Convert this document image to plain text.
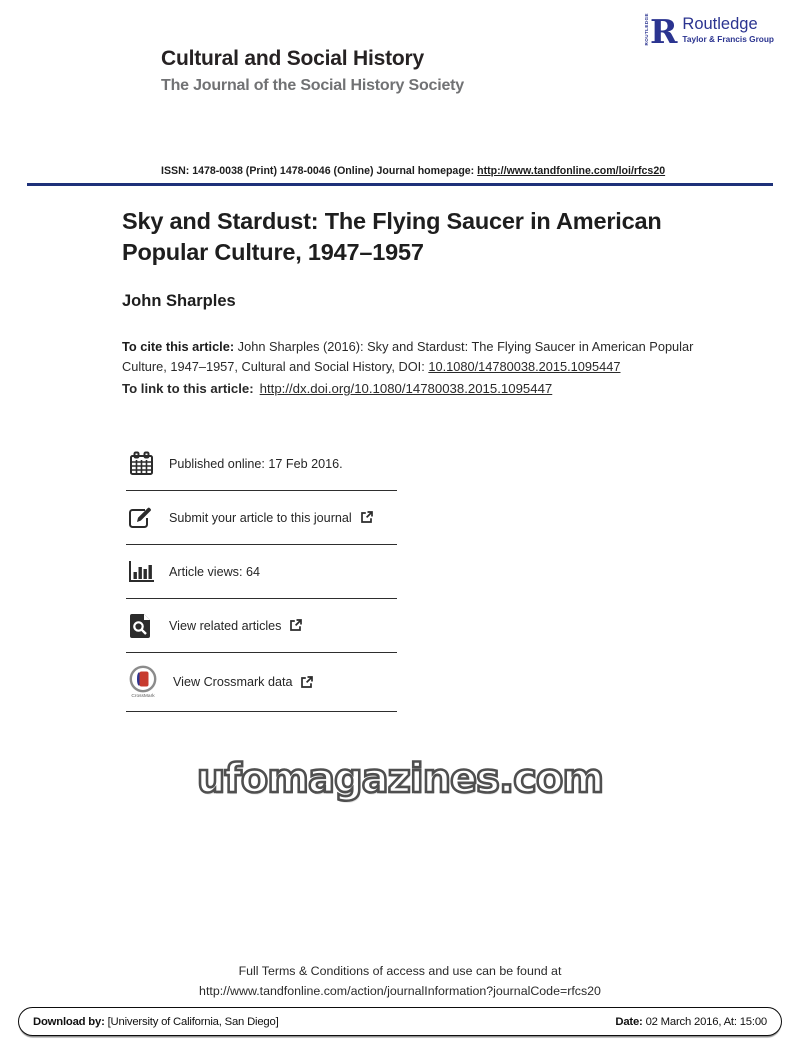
ROUTLEDGE R Routledge
Taylor & Francis Group
Cultural and Social History
The Journal of the Social History Society
ISSN: 1478-0038 (Print) 1478-0046 (Online) Journal homepage: http://www.tandfonline.com/loi/rfcs20
Sky and Stardust: The Flying Saucer in American Popular Culture, 1947–1957
John Sharples

To cite this article: John Sharples (2016): Sky and Stardust: The Flying Saucer in American Popular Culture, 1947–1957, Cultural and Social History, DOI: 10.1080/14780038.2015.1095447

To link to this article: http://dx.doi.org/10.1080/14780038.2015.1095447

Published online: 17 Feb 2016.
Submit your article to this journal
Article views: 64
View related articles
CrossMark
View Crossmark data
ufomagazines.com
Full Terms & Conditions of access and use can be found at
http://www.tandfonline.com/action/journalInformation?journalCode=rfcs20
Download by: [University of California, San Diego]	Date: 02 March 2016, At: 15:00
